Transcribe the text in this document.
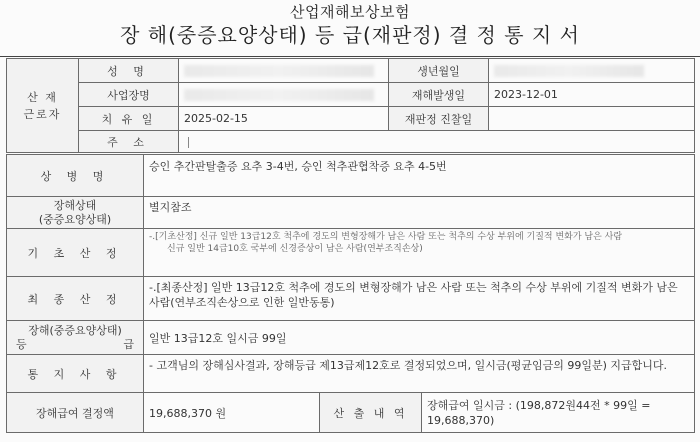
산업재해보상보험
장 해(중증요양상태) 등 급(재판정) 결 정 통 지 서
산 재
근로자	성 명		생년월일	
	사업장명		재해발생일	2023-12-01
	치 유 일	2025-02-15	재판정 진찰일	
	주 소			
상 병 명	승인 추간판탈출증 요추 3-4번, 승인 척추관협착증 요추 4-5번		
장해상태
(중증요양상태)	별지참조		
기 초 산 정	-.[기초산정] 신규 일반 13급12호 척추에 경도의 변형장해가 남은 사람 또는 척추의 수상 부위에 기질적 변화가 남은 사람
신규 일반 14급10호 국부에 신경증상이 남은 사람(연부조직손상)		

최 종 산 정	-.[최종산정] 일반 13급12호 척추에 경도의 변형장해가 남은 사람 또는 척추의 수상 부위에 기질적 변화가 남은 사람(연부조직손상으로 인한 일반동통)		
장해(중증요양상태)
등 급	일반 13급12호 일시금 99일		
통 지 사 항	- 고객님의 장해심사결과, 장해등급 제13급제12호로 결정되었으며, 일시금(평균임금의 99일분) 지급합니다.		
장해급여 결정액	19,688,370 원	산 출 내 역	장해급여 일시금 : (198,872원44전 * 99일 = 19,688,370)
